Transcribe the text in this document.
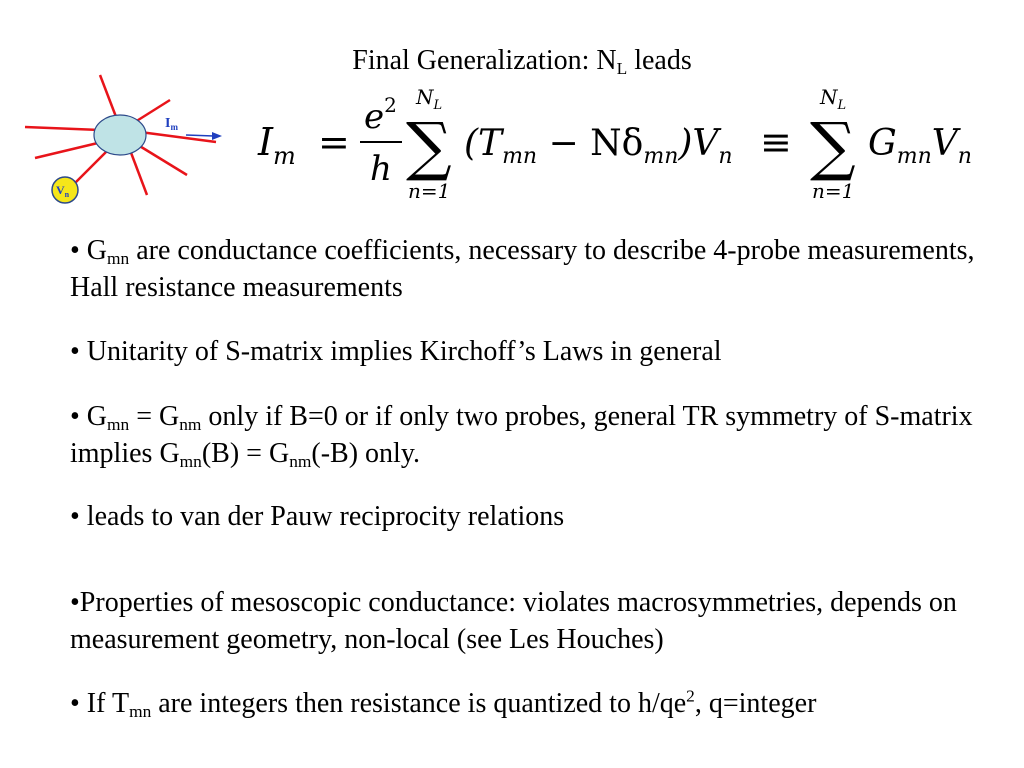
Final Generalization: $N_L$ leads
$I_m$
$V_n$
$I_m$ =
$e^2$
h
$N_L$
∑
n=1
$(T_{mn} - N\delta_{mn})V_n$ ≡
$N_L$
∑
n=1
$G_{mn}V_n$
• $G_{mn}$ are conductance coefficients, necessary to describe 4-probe measurements, Hall resistance measurements
• Unitarity of S-matrix implies Kirchoff’s Laws in general
• $G_{mn} = G_{nm}$ only if B=0 or if only two probes, general TR symmetry of S-matrix implies $G_{mn}(B) = G_{nm}(-B)$ only.
• leads to van der Pauw reciprocity relations
•Properties of mesoscopic conductance: violates macrosymmetries, depends on measurement geometry, non-local (see Les Houches)
• If $T_{mn}$ are integers then resistance is quantized to $h/qe^2$, q=integer
